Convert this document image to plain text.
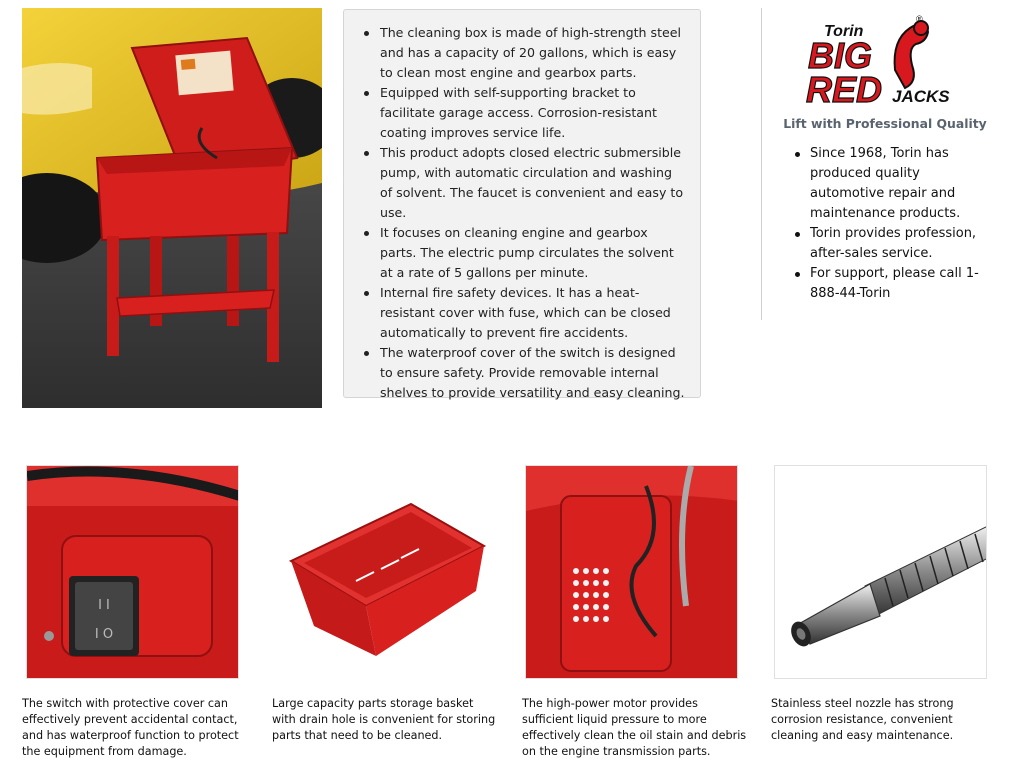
The cleaning box is made of high-strength steel and has a capacity of 20 gallons, which is easy to clean most engine and gearbox parts.
Equipped with self-supporting bracket to facilitate garage access. Corrosion-resistant coating improves service life.
This product adopts closed electric submersible pump, with automatic circulation and washing of solvent. The faucet is convenient and easy to use.
It focuses on cleaning engine and gearbox parts. The electric pump circulates the solvent at a rate of 5 gallons per minute.
Internal fire safety devices. It has a heat-resistant cover with fuse, which can be closed automatically to prevent fire accidents.
The waterproof cover of the switch is designed to ensure safety. Provide removable internal shelves to provide versatility and easy cleaning.
Torin
BIG
RED JACKS
®
Lift with Professional Quality
Since 1968, Torin has produced quality automotive repair and maintenance products.
Torin provides profession, after-sales service.
For support, please call 1-888-44-Torin
I I
I O
The switch with protective cover can effectively prevent accidental contact, and has waterproof function to protect the equipment from damage.
Large capacity parts storage basket with drain hole is convenient for storing parts that need to be cleaned.
The high-power motor provides sufficient liquid pressure to more effectively clean the oil stain and debris on the engine transmission parts.
Stainless steel nozzle has strong corrosion resistance, convenient cleaning and easy maintenance.
